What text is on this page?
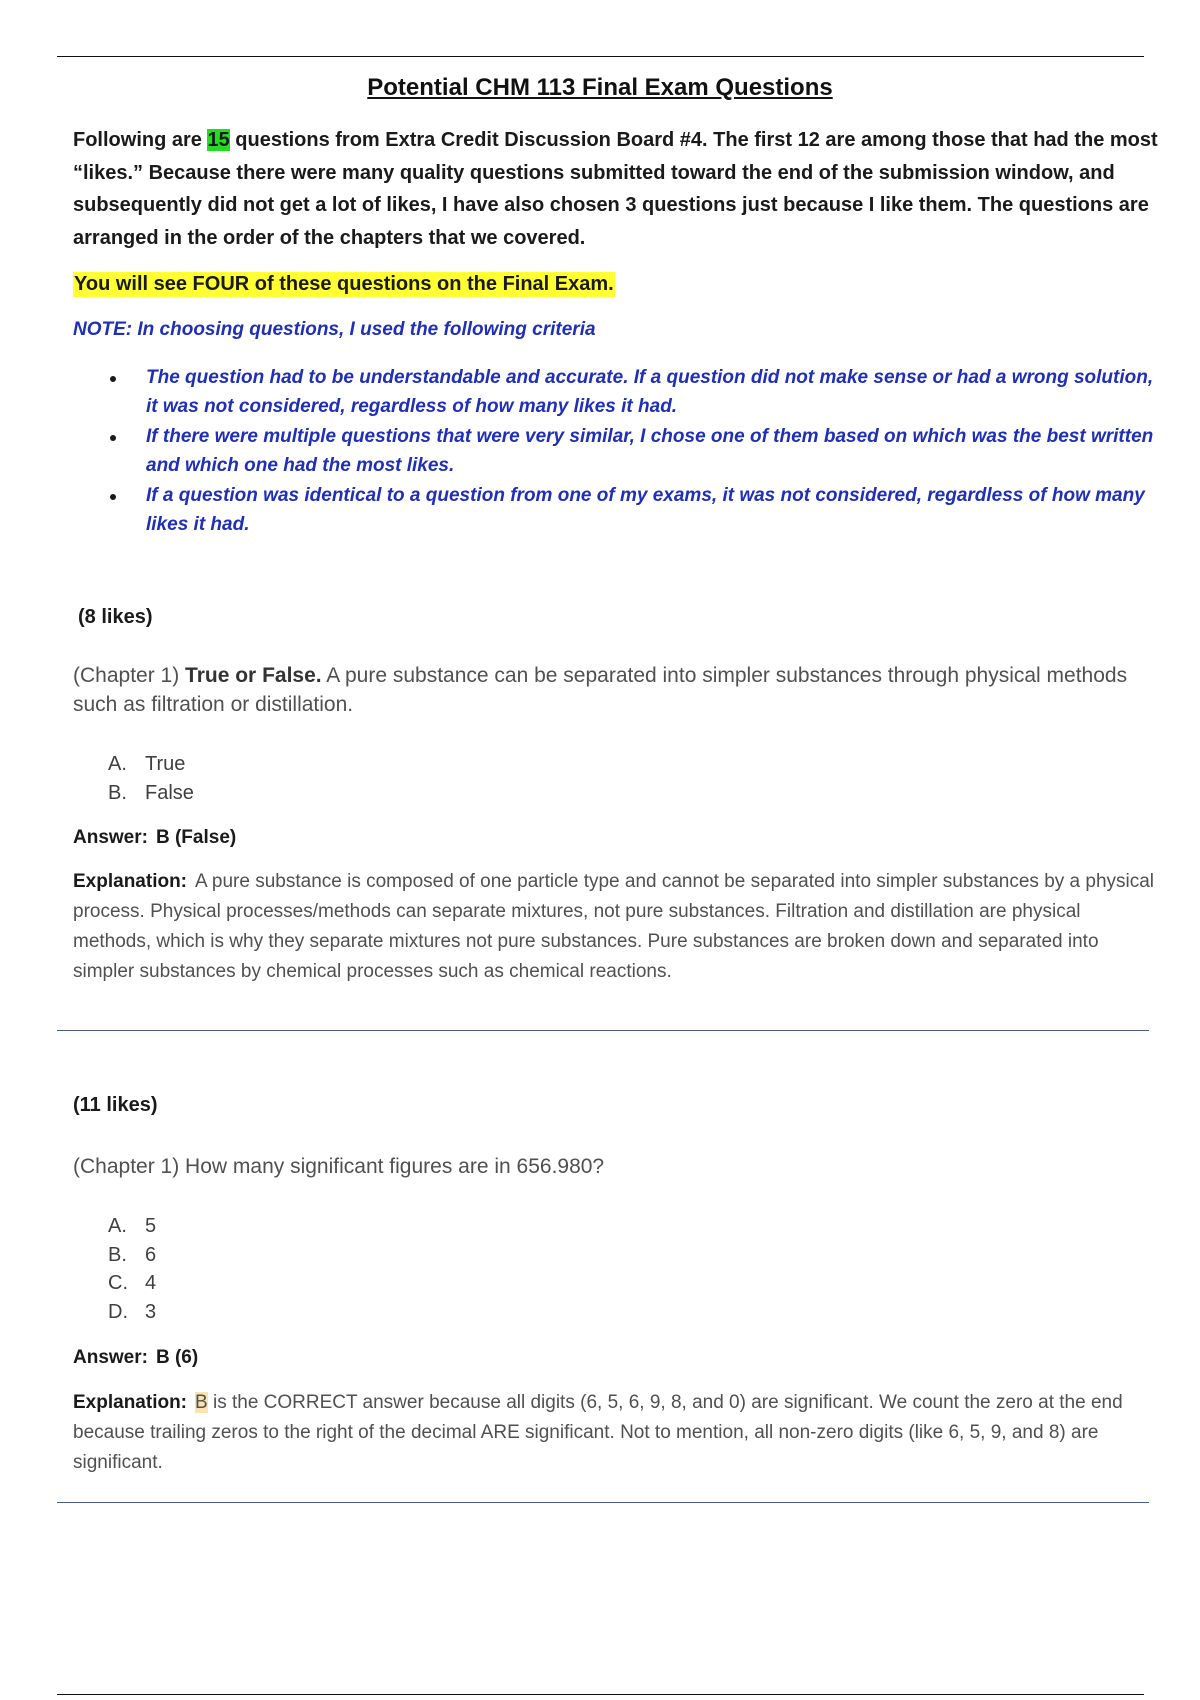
Potential CHM 113 Final Exam Questions
Following are 15 questions from Extra Credit Discussion Board #4. The first 12 are among those that had the most “likes.” Because there were many quality questions submitted toward the end of the submission window, and subsequently did not get a lot of likes, I have also chosen 3 questions just because I like them. The questions are arranged in the order of the chapters that we covered.
You will see FOUR of these questions on the Final Exam.
NOTE: In choosing questions, I used the following criteria
The question had to be understandable and accurate. If a question did not make sense or had a wrong solution, it was not considered, regardless of how many likes it had.
If there were multiple questions that were very similar, I chose one of them based on which was the best written and which one had the most likes.
If a question was identical to a question from one of my exams, it was not considered, regardless of how many likes it had.
(8 likes)
(Chapter 1) True or False. A pure substance can be separated into simpler substances through physical methods such as filtration or distillation.
A. True
B. False
Answer: B (False)
Explanation: A pure substance is composed of one particle type and cannot be separated into simpler substances by a physical process. Physical processes/methods can separate mixtures, not pure substances. Filtration and distillation are physical methods, which is why they separate mixtures not pure substances. Pure substances are broken down and separated into simpler substances by chemical processes such as chemical reactions.
(11 likes)
(Chapter 1) How many significant figures are in 656.980?
A. 5
B. 6
C. 4
D. 3
Answer: B (6)
Explanation: B is the CORRECT answer because all digits (6, 5, 6, 9, 8, and 0) are significant. We count the zero at the end because trailing zeros to the right of the decimal ARE significant. Not to mention, all non-zero digits (like 6, 5, 9, and 8) are significant.
